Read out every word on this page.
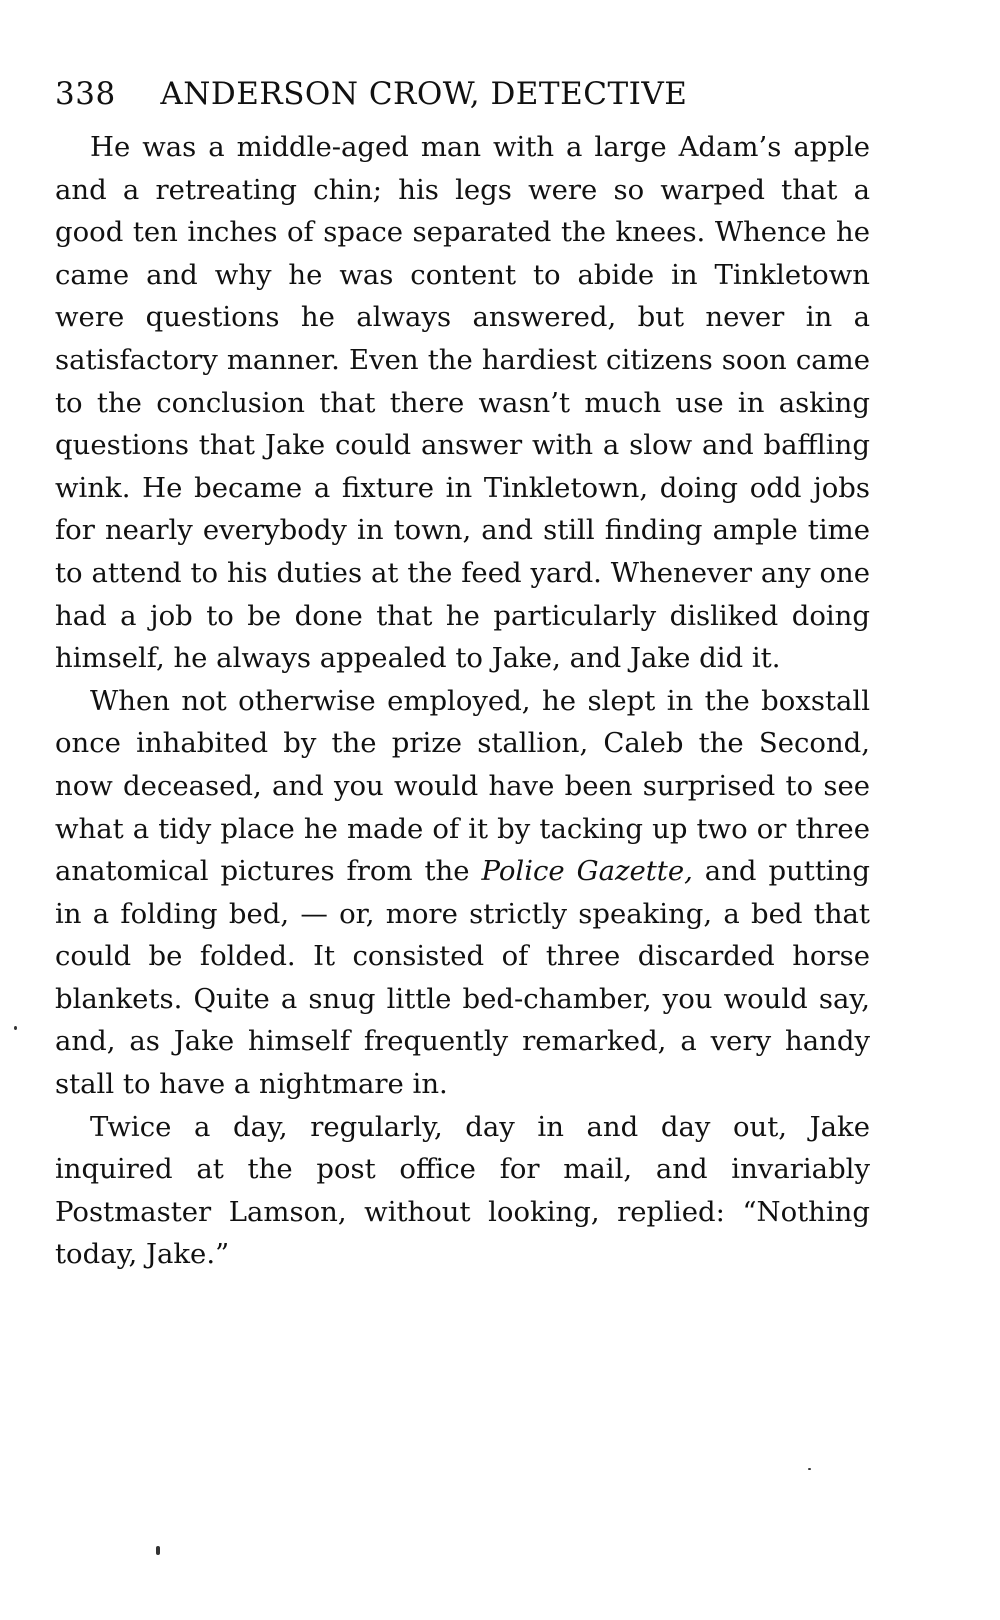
338 ANDERSON CROW, DETECTIVE

He was a middle-aged man with a large Adam’s apple and a retreating chin; his legs were so warped that a good ten inches of space separated the knees. Whence he came and why he was content to abide in Tinkletown were questions he always answered, but never in a satisfactory manner. Even the hardiest citizens soon came to the conclusion that there wasn’t much use in asking questions that Jake could answer with a slow and baffling wink. He became a fixture in Tinkletown, doing odd jobs for nearly everybody in town, and still finding ample time to attend to his duties at the feed yard. Whenever any one had a job to be done that he particularly disliked doing himself, he always appealed to Jake, and Jake did it.

When not otherwise employed, he slept in the boxstall once inhabited by the prize stallion, Caleb the Second, now deceased, and you would have been surprised to see what a tidy place he made of it by tacking up two or three anatomical pictures from the Police Gazette, and putting in a folding bed, — or, more strictly speaking, a bed that could be folded. It consisted of three discarded horse blankets. Quite a snug little bed-chamber, you would say, and, as Jake himself frequently remarked, a very handy stall to have a nightmare in.

Twice a day, regularly, day in and day out, Jake inquired at the post office for mail, and invariably Postmaster Lamson, without looking, replied: “Nothing today, Jake.”
